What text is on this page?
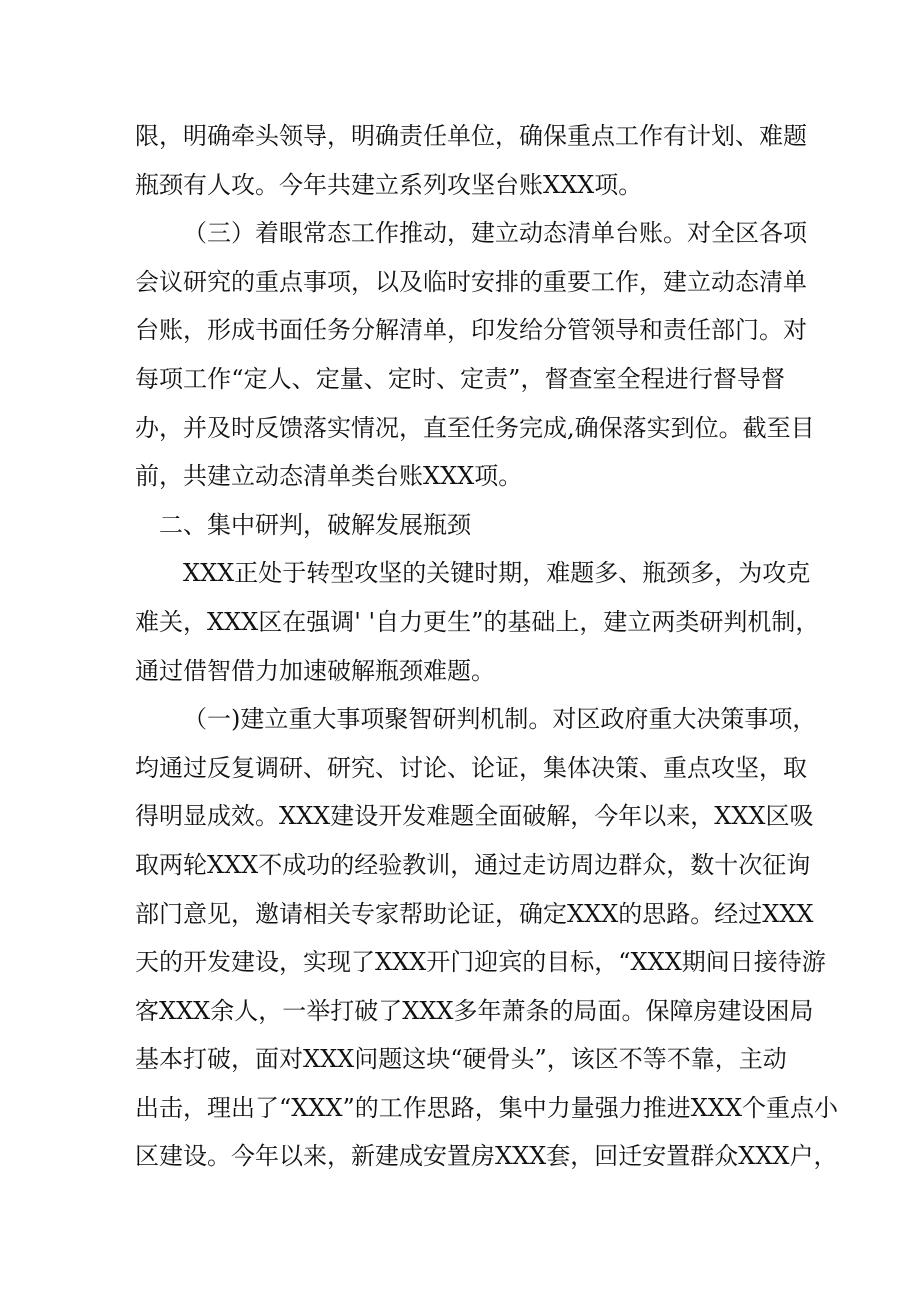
限，明确牵头领导，明确责任单位，确保重点工作有计划、难题
瓶颈有人攻。今年共建立系列攻坚台账XXX项。
（三）着眼常态工作推动，建立动态清单台账。对全区各项
会议研究的重点事项，以及临时安排的重要工作，建立动态清单
台账，形成书面任务分解清单，印发给分管领导和责任部门。对
每项工作“定人、定量、定时、定责”，督查室全程进行督导督
办，并及时反馈落实情况，直至任务完成,确保落实到位。截至目
前，共建立动态清单类台账XXX项。
二、集中研判，破解发展瓶颈
XXX正处于转型攻坚的关键时期，难题多、瓶颈多，为攻克
难关，XXX区在强调' '自力更生”的基础上，建立两类研判机制，
通过借智借力加速破解瓶颈难题。
（一)建立重大事项聚智研判机制。对区政府重大决策事项，
均通过反复调研、研究、讨论、论证，集体决策、重点攻坚，取
得明显成效。XXX建设开发难题全面破解，今年以来，XXX区吸
取两轮XXX不成功的经验教训，通过走访周边群众，数十次征询
部门意见，邀请相关专家帮助论证，确定XXX的思路。经过XXX
天的开发建设，实现了XXX开门迎宾的目标，“XXX期间日接待游
客XXX余人，一举打破了XXX多年萧条的局面。保障房建设困局
基本打破，面对XXX问题这块“硬骨头”，该区不等不靠，主动
出击，理出了“XXX”的工作思路，集中力量强力推进XXX个重点小
区建设。今年以来，新建成安置房XXX套，回迁安置群众XXX户，
